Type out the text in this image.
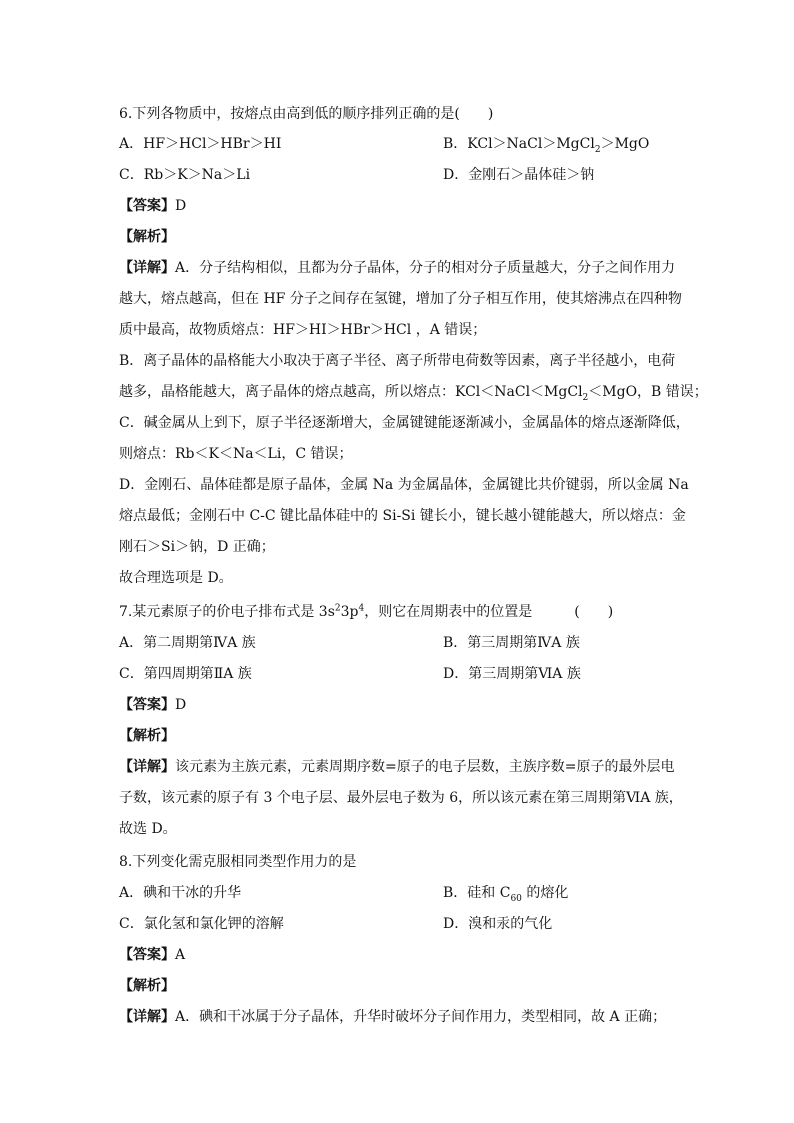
6.下列各物质中，按熔点由高到低的顺序排列正确的是(　　)
A．HF＞HCl＞HBr＞HI	B．KCl＞NaCl＞MgCl$_2$＞MgO
C．Rb＞K＞Na＞Li	D．金刚石＞晶体硅＞钠
【答案】D
【解析】
【详解】A．分子结构相似，且都为分子晶体，分子的相对分子质量越大，分子之间作用力
越大，熔点越高，但在 HF 分子之间存在氢键，增加了分子相互作用，使其熔沸点在四种物
质中最高，故物质熔点：HF＞HI＞HBr＞HCl ，A 错误；
B．离子晶体的晶格能大小取决于离子半径、离子所带电荷数等因素，离子半径越小，电荷
越多，晶格能越大，离子晶体的熔点越高，所以熔点：KCl＜NaCl＜MgCl$_2$＜MgO，B 错误；
C．碱金属从上到下，原子半径逐渐增大，金属键键能逐渐减小，金属晶体的熔点逐渐降低，
则熔点：Rb＜K＜Na＜Li，C 错误；
D．金刚石、晶体硅都是原子晶体，金属 Na 为金属晶体，金属键比共价键弱，所以金属 Na
熔点最低；金刚石中 C-C 键比晶体硅中的 Si-Si 键长小，键长越小键能越大，所以熔点：金
刚石＞Si＞钠，D 正确；
故合理选项是 D。
7.某元素原子的价电子排布式是 $3s^23p^4$，则它在周期表中的位置是　　　(　　)
A．第二周期第ⅣA 族	B．第三周期第ⅣA 族
C．第四周期第ⅡA 族	D．第三周期第ⅥA 族
【答案】D
【解析】
【详解】该元素为主族元素，元素周期序数=原子的电子层数，主族序数=原子的最外层电
子数，该元素的原子有 3 个电子层、最外层电子数为 6，所以该元素在第三周期第ⅥA 族，
故选 D。
8.下列变化需克服相同类型作用力的是
A．碘和干冰的升华	B．硅和 $C_{60}$ 的熔化
C．氯化氢和氯化钾的溶解	D．溴和汞的气化
【答案】A
【解析】
【详解】A．碘和干冰属于分子晶体，升华时破坏分子间作用力，类型相同，故 A 正确；
